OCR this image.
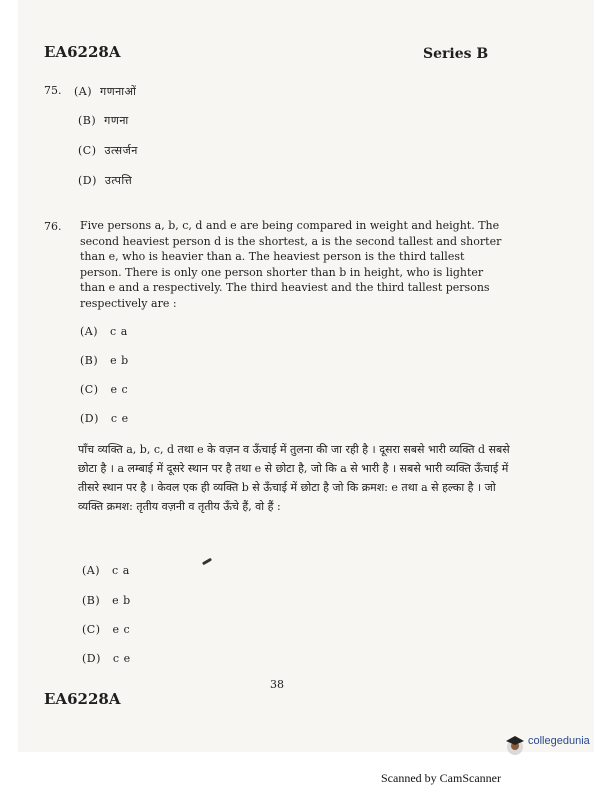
EA6228A	Series B
75. (A) गणनाओं
(B) गणना
(C) उत्सर्जन
(D) उत्पत्ति
76. Five persons a, b, c, d and e are being compared in weight and height. The second heaviest person d is the shortest, a is the second tallest and shorter than e, who is heavier than a. The heaviest person is the third tallest person. There is only one person shorter than b in height, who is lighter than e and a respectively. The third heaviest and the third tallest persons respectively are :
(A) c a
(B) e b
(C) e c
(D) c e
पाँच व्यक्ति a, b, c, d तथा e के वज़न व ऊँचाई में तुलना की जा रही है । दूसरा सबसे भारी व्यक्ति d सबसे छोटा है । a लम्बाई में दूसरे स्थान पर है तथा e से छोटा है, जो कि a से भारी है । सबसे भारी व्यक्ति ऊँचाई में तीसरे स्थान पर है । केवल एक ही व्यक्ति b से ऊँचाई में छोटा है जो कि क्रमश: e तथा a से हल्का है । जो व्यक्ति क्रमश: तृतीय वज़नी व तृतीय ऊँचे हैं, वो हैं :
(A) c a
(B) e b
(C) e c
(D) c e
38
EA6228A
collegedunia
Scanned by CamScanner
